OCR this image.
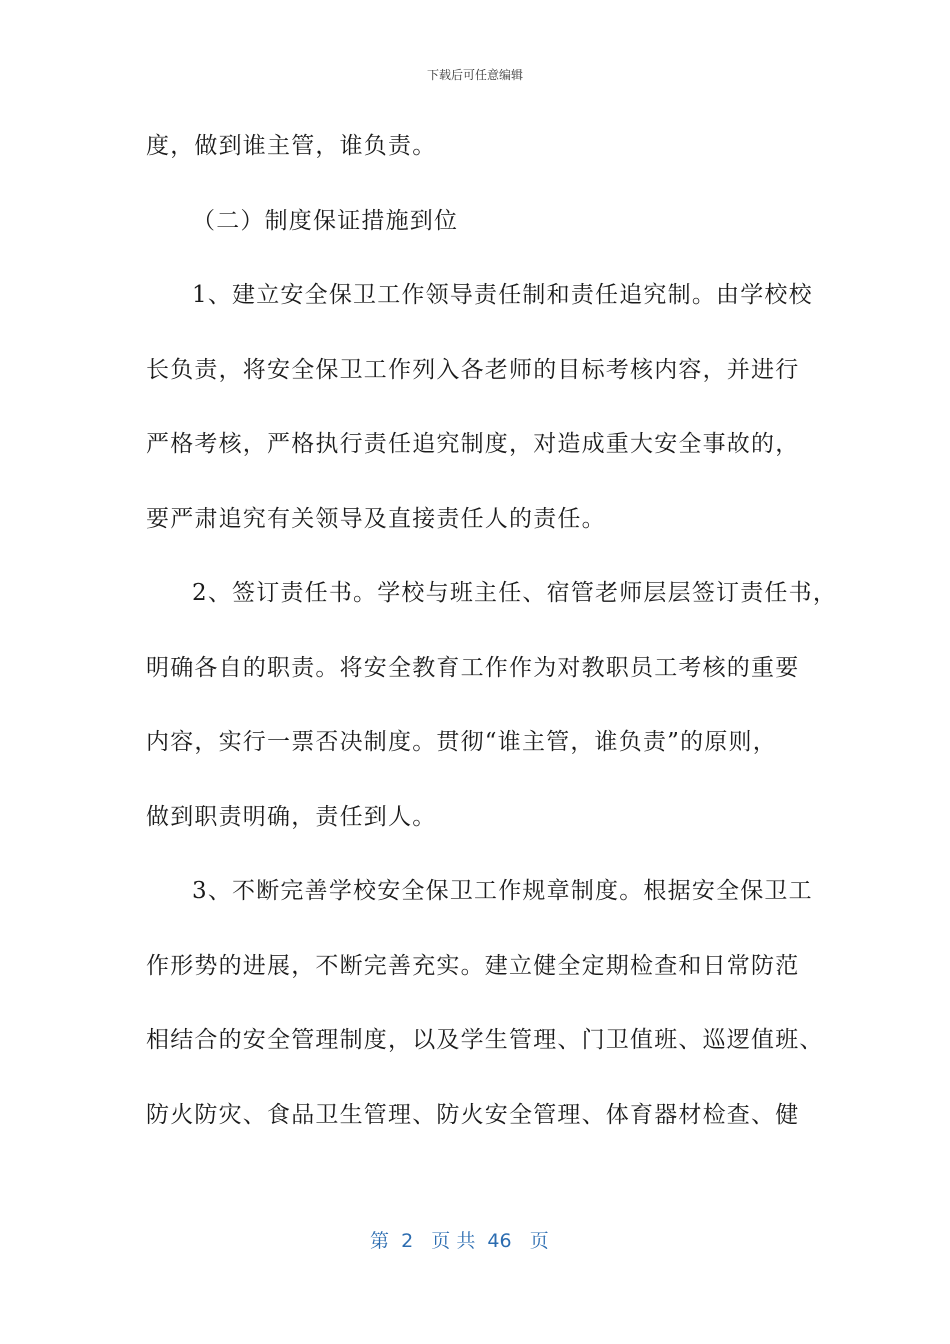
下载后可任意编辑
度，做到谁主管，谁负责。
（二）制度保证措施到位
1、建立安全保卫工作领导责任制和责任追究制。由学校校
长负责，将安全保卫工作列入各老师的目标考核内容，并进行
严格考核，严格执行责任追究制度，对造成重大安全事故的，
要严肃追究有关领导及直接责任人的责任。
2、签订责任书。学校与班主任、宿管老师层层签订责任书，
明确各自的职责。将安全教育工作作为对教职员工考核的重要
内容，实行一票否决制度。贯彻“谁主管，谁负责”的原则，
做到职责明确，责任到人。
3、不断完善学校安全保卫工作规章制度。根据安全保卫工
作形势的进展，不断完善充实。建立健全定期检查和日常防范
相结合的安全管理制度，以及学生管理、门卫值班、巡逻值班、
防火防灾、食品卫生管理、防火安全管理、体育器材检查、健
第  2   页 共  46   页
